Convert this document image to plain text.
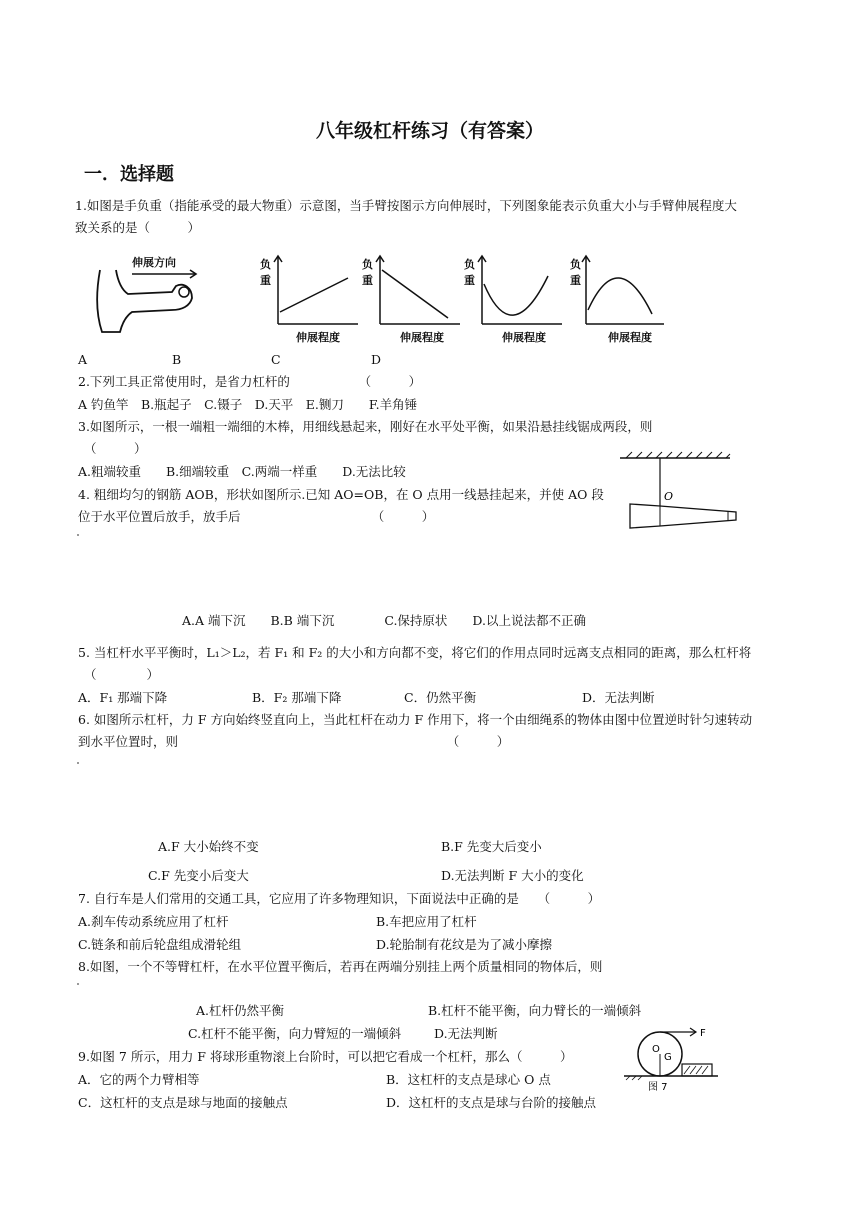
八年级杠杆练习（有答案）
一．选择题
1.如图是手负重（指能承受的最大物重）示意图，当手臂按图示方向伸展时，下列图象能表示负重大小与手臂伸展程度大
致关系的是（　　　）
伸展方向	负
重
伸展程度
负
重
伸展程度
负
重
伸展程度
负
重
伸展程度
A	B	C	D
2.下列工具正常使用时，是省力杠杆的　　　　　　（　　　）
A 钓鱼竿　B.瓶起子　C.镊子　D.天平　E.铡刀　　F.羊角锤
3.如图所示，一根一端粗一端细的木棒，用细线悬起来，刚好在水平处平衡，如果沿悬挂线锯成两段，则
（　　　）
A.粗端较重　　B.细端较重　C.两端一样重　　D.无法比较
O
4. 粗细均匀的钢筋 AOB，形状如图所示.已知 AO=OB，在 O 点用一线悬挂起来，并使 AO 段
位于水平位置后放手，放手后　　　　　　　　　　　（　　　）
A.A 端下沉　　B.B 端下沉　　　　C.保持原状　　D.以上说法都不正确
5. 当杠杆水平平衡时，L₁＞L₂，若 F₁ 和 F₂ 的大小和方向都不变，将它们的作用点同时远离支点相同的距离，那么杠杆将
（　　　　）
A．F₁ 那端下降	B．F₂ 那端下降	C．仍然平衡	D．无法判断
6. 如图所示杠杆，力 F 方向始终竖直向上，当此杠杆在动力 F 作用下，将一个由细绳系的物体由图中位置逆时针匀速转动
到水平位置时，则　　　　　　　　　　　　　　　　　　　　　　（　　　）
A.F 大小始终不变	B.F 先变大后变小
C.F 先变小后变大	D.无法判断 F 大小的变化
7. 自行车是人们常用的交通工具，它应用了许多物理知识，下面说法中正确的是　　（　　　）
A.刹车传动系统应用了杠杆	B.车把应用了杠杆
C.链条和前后轮盘组成滑轮组	D.轮胎制有花纹是为了减小摩擦
8.如图，一个不等臂杠杆，在水平位置平衡后，若再在两端分别挂上两个质量相同的物体后，则
A.杠杆仍然平衡	B.杠杆不能平衡，向力臂长的一端倾斜
C.杠杆不能平衡，向力臂短的一端倾斜	D.无法判断
9.如图 7 所示，用力 F 将球形重物滚上台阶时，可以把它看成一个杠杆，那么（　　　）
A．它的两个力臂相等	B．这杠杆的支点是球心 O 点
C．这杠杆的支点是球与地面的接触点	D．这杠杆的支点是球与台阶的接触点
F
O
G
图 7
